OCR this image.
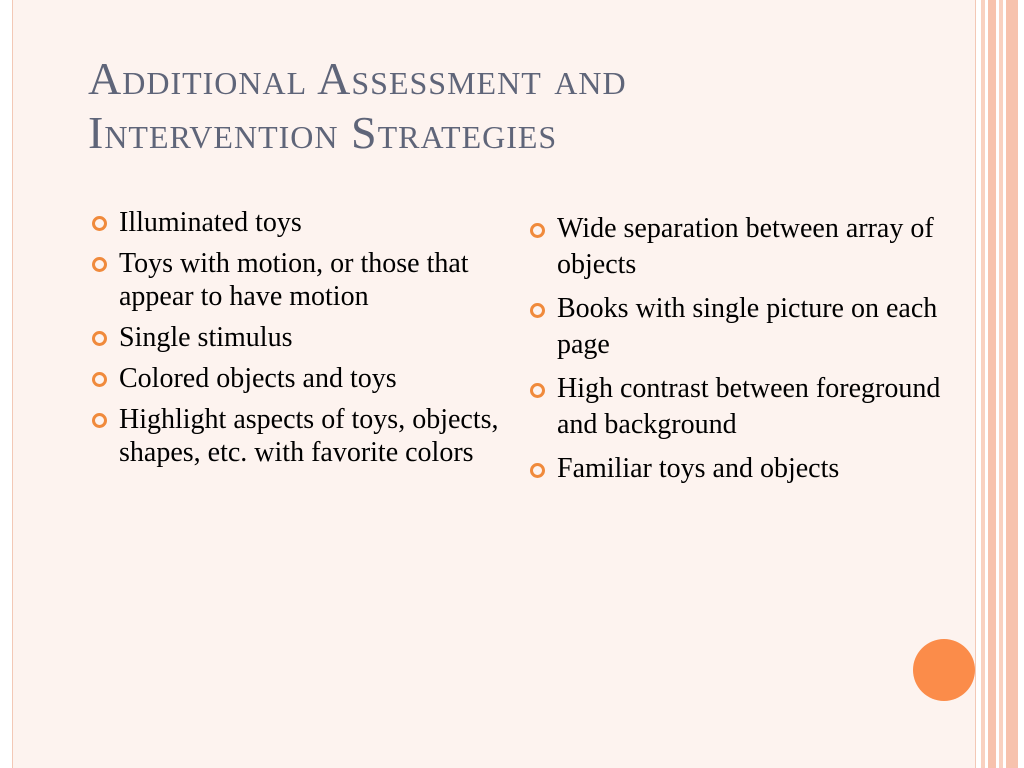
Additional Assessment and
Intervention Strategies
Illuminated toys
Toys with motion, or those that appear to have motion
Single stimulus
Colored objects and toys
Highlight aspects of toys, objects, shapes, etc. with favorite colors
Wide separation between array of objects
Books with single picture on each page
High contrast between foreground and background
Familiar toys and objects
